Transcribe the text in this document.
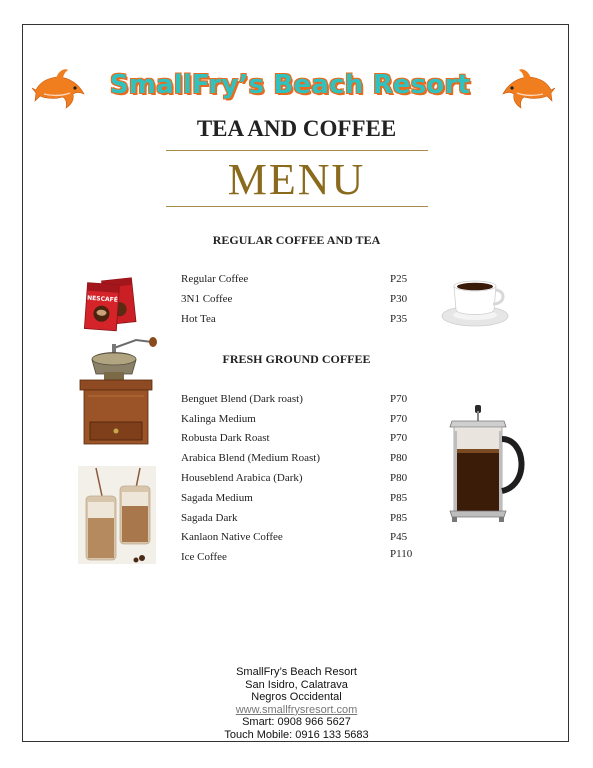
SmallFry’s Beach Resort
TEA AND COFFEE
MENU
REGULAR COFFEE AND TEA
Regular Coffee	P25
3N1 Coffee	P30
Hot Tea	P35
FRESH GROUND COFFEE
Benguet Blend (Dark roast)	P70
Kalinga Medium	P70
Robusta Dark Roast	P70
Arabica Blend (Medium Roast)	P80
Houseblend Arabica (Dark)	P80
Sagada Medium	P85
Sagada Dark	P85
Kanlaon Native Coffee	P45
Ice Coffee	P110
NESCAFÉ
SmallFry’s Beach Resort
San Isidro, Calatrava
Negros Occidental
www.smallfrysresort.com
Smart: 0908 966 5627
Touch Mobile: 0916 133 5683
